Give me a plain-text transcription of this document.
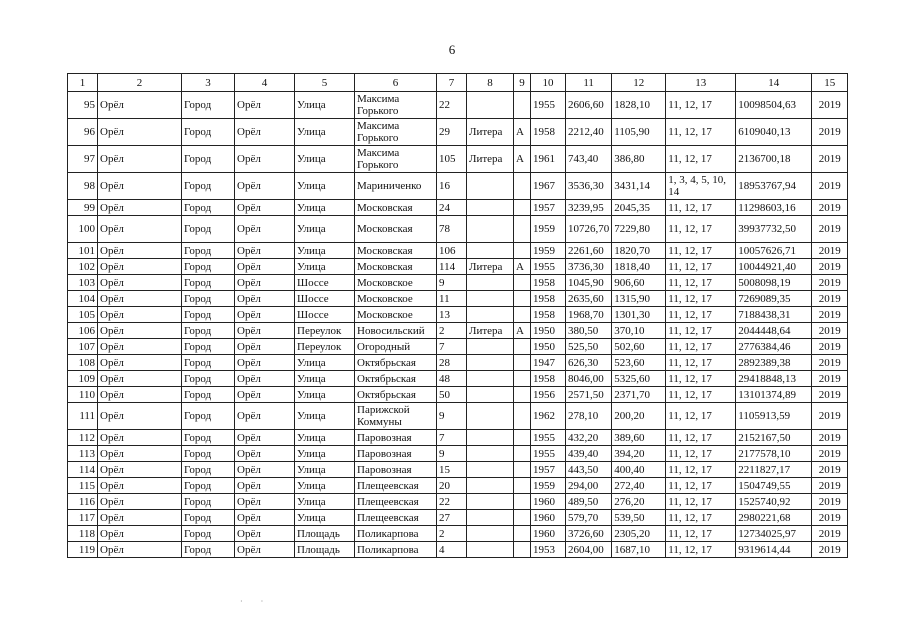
6
1	2	3	4	5	6	7	8	9	10	11	12	13	14	15
95	Орёл	Город	Орёл	Улица	Максима Горького	22			1955	2606,60	1828,10	11, 12, 17	10098504,63	2019
96	Орёл	Город	Орёл	Улица	Максима Горького	29	Литера	А	1958	2212,40	1105,90	11, 12, 17	6109040,13	2019
97	Орёл	Город	Орёл	Улица	Максима Горького	105	Литера	А	1961	743,40	386,80	11, 12, 17	2136700,18	2019
98	Орёл	Город	Орёл	Улица	Мариниченко	16			1967	3536,30	3431,14	1, 3, 4, 5, 10, 14	18953767,94	2019
99	Орёл	Город	Орёл	Улица	Московская	24			1957	3239,95	2045,35	11, 12, 17	11298603,16	2019
100	Орёл	Город	Орёл	Улица	Московская	78			1959	10726,70	7229,80	11, 12, 17	39937732,50	2019
101	Орёл	Город	Орёл	Улица	Московская	106			1959	2261,60	1820,70	11, 12, 17	10057626,71	2019
102	Орёл	Город	Орёл	Улица	Московская	114	Литера	А	1955	3736,30	1818,40	11, 12, 17	10044921,40	2019
103	Орёл	Город	Орёл	Шоссе	Московское	9			1958	1045,90	906,60	11, 12, 17	5008098,19	2019
104	Орёл	Город	Орёл	Шоссе	Московское	11			1958	2635,60	1315,90	11, 12, 17	7269089,35	2019
105	Орёл	Город	Орёл	Шоссе	Московское	13			1958	1968,70	1301,30	11, 12, 17	7188438,31	2019
106	Орёл	Город	Орёл	Переулок	Новосильский	2	Литера	А	1950	380,50	370,10	11, 12, 17	2044448,64	2019
107	Орёл	Город	Орёл	Переулок	Огородный	7			1950	525,50	502,60	11, 12, 17	2776384,46	2019
108	Орёл	Город	Орёл	Улица	Октябрьская	28			1947	626,30	523,60	11, 12, 17	2892389,38	2019
109	Орёл	Город	Орёл	Улица	Октябрьская	48			1958	8046,00	5325,60	11, 12, 17	29418848,13	2019
110	Орёл	Город	Орёл	Улица	Октябрьская	50			1956	2571,50	2371,70	11, 12, 17	13101374,89	2019
111	Орёл	Город	Орёл	Улица	Парижской Коммуны	9			1962	278,10	200,20	11, 12, 17	1105913,59	2019
112	Орёл	Город	Орёл	Улица	Паровозная	7			1955	432,20	389,60	11, 12, 17	2152167,50	2019
113	Орёл	Город	Орёл	Улица	Паровозная	9			1955	439,40	394,20	11, 12, 17	2177578,10	2019
114	Орёл	Город	Орёл	Улица	Паровозная	15			1957	443,50	400,40	11, 12, 17	2211827,17	2019
115	Орёл	Город	Орёл	Улица	Плещеевская	20			1959	294,00	272,40	11, 12, 17	1504749,55	2019
116	Орёл	Город	Орёл	Улица	Плещеевская	22			1960	489,50	276,20	11, 12, 17	1525740,92	2019
117	Орёл	Город	Орёл	Улица	Плещеевская	27			1960	579,70	539,50	11, 12, 17	2980221,68	2019
118	Орёл	Город	Орёл	Площадь	Поликарпова	2			1960	3726,60	2305,20	11, 12, 17	12734025,97	2019
119	Орёл	Город	Орёл	Площадь	Поликарпова	4			1953	2604,00	1687,10	11, 12, 17	9319614,44	2019
·         ·
